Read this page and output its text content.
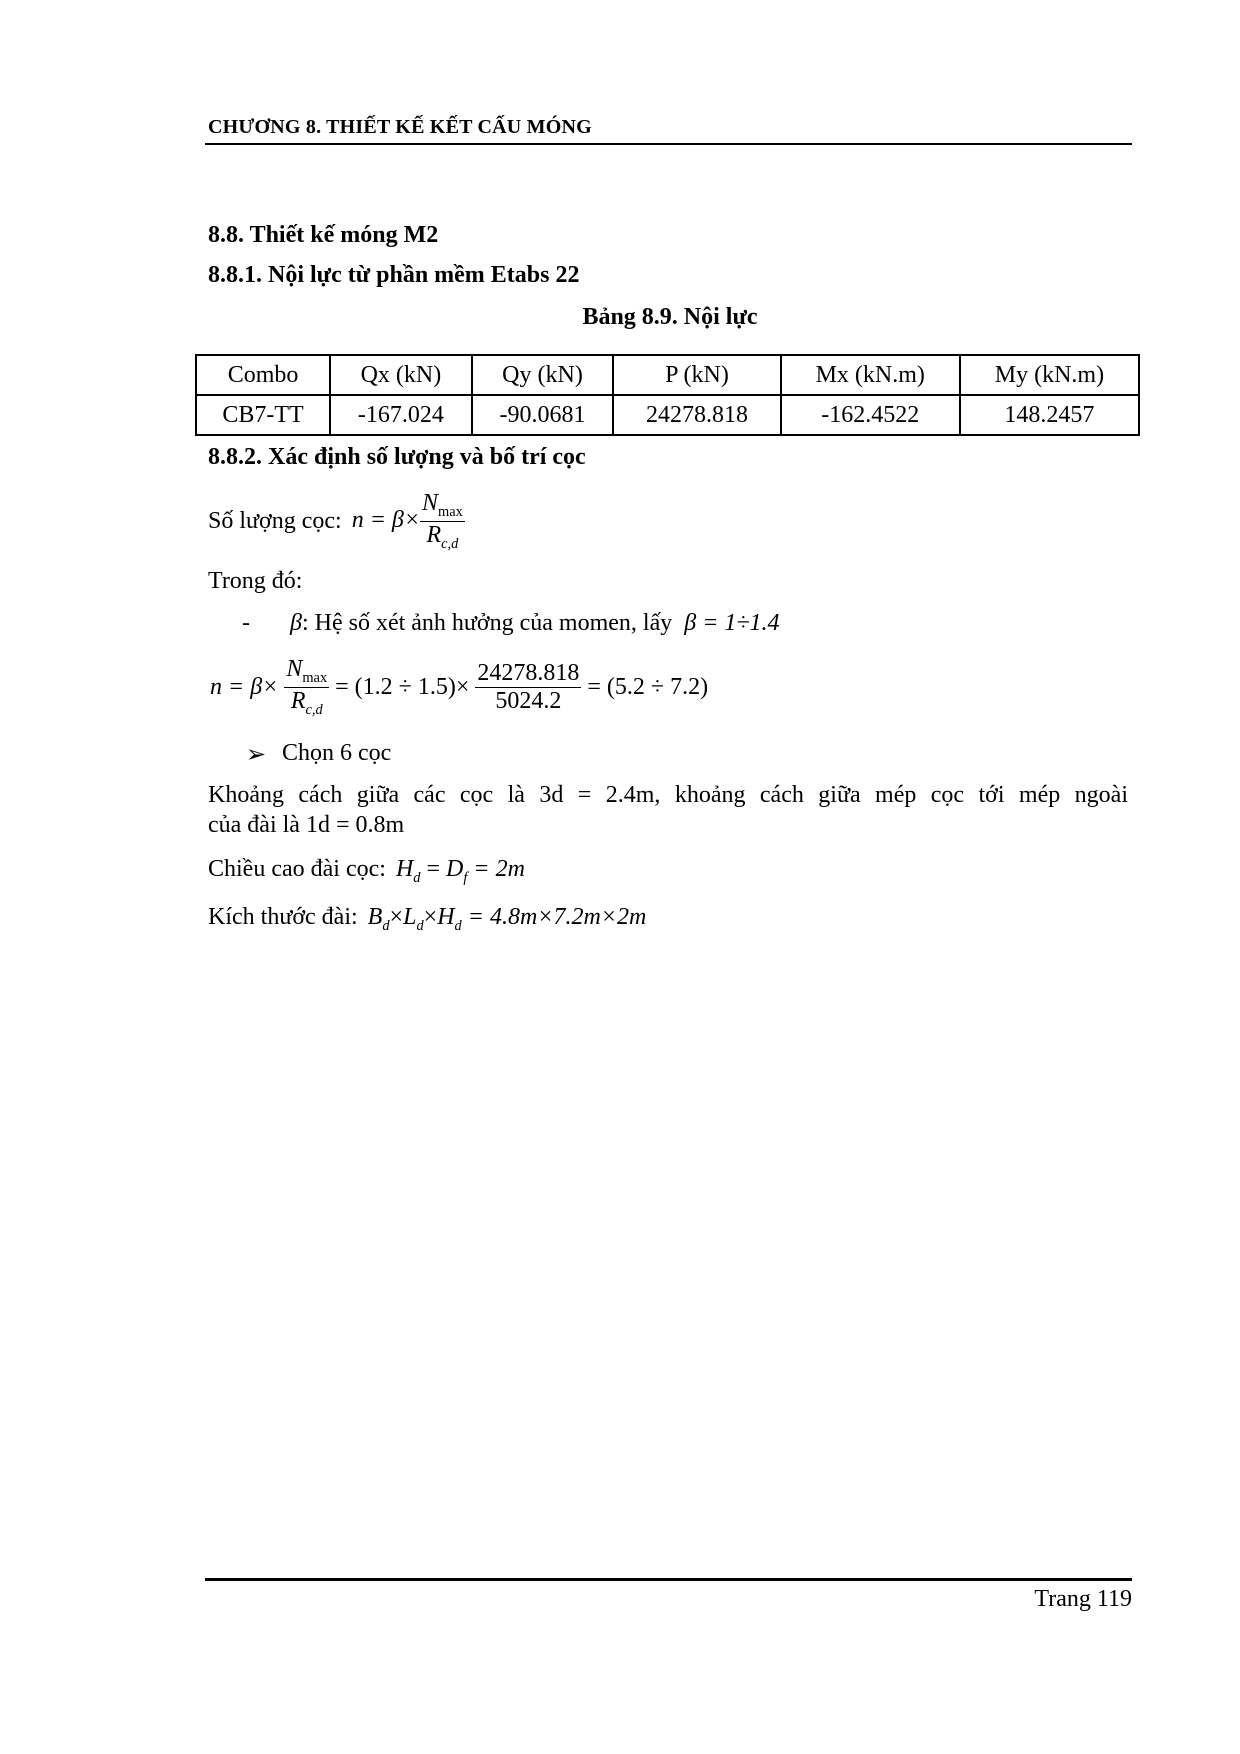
CHƯƠNG 8. THIẾT KẾ KẾT CẤU MÓNG
8.8. Thiết kế móng M2
8.8.1. Nội lực từ phần mềm Etabs 22
Bảng 8.9. Nội lực
Combo	Qx (kN)	Qy (kN)	P (kN)	Mx (kN.m)	My (kN.m)
CB7-TT	-167.024	-90.0681	24278.818	-162.4522	148.2457
8.8.2. Xác định số lượng và bố trí cọc
Số lượng cọc: $n = \beta\times \frac{N_{max}}{R_{c,d}}$
Trong đó:
- β: Hệ số xét ảnh hưởng của momen, lấy β = 1÷1.4
$n = \beta\times \frac{N_{max}}{R_{c,d}} = (1.2 \div 1.5)\times \frac{24278.818}{5024.2} = (5.2 \div 7.2)$
➢ Chọn 6 cọc
Khoảng cách giữa các cọc là 3d = 2.4m, khoảng cách giữa mép cọc tới mép ngoài
của đài là 1d = 0.8m
Chiều cao đài cọc: $H_d = D_f = 2m$
Kích thước đài: $B_d\times L_d\times H_d = 4.8m\times 7.2m\times 2m$
Trang 119
